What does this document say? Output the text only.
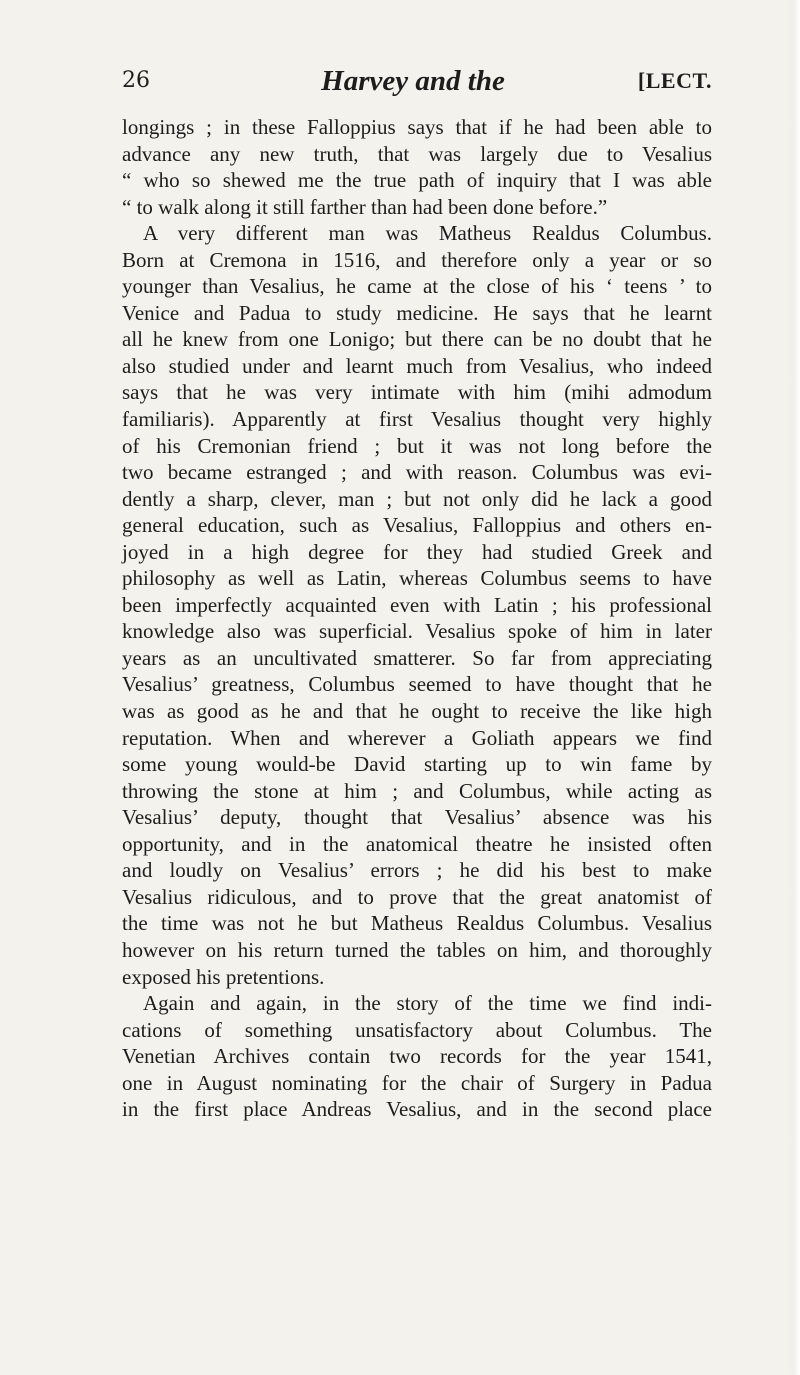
26	Harvey and the	[LECT.
longings ; in these Falloppius says that if he had been able to
advance any new truth, that was largely due to Vesalius
“ who so shewed me the true path of inquiry that I was able
“ to walk along it still farther than had been done before.”
A very different man was Matheus Realdus Columbus.
Born at Cremona in 1516, and therefore only a year or so
younger than Vesalius, he came at the close of his ‘ teens ’ to
Venice and Padua to study medicine. He says that he learnt
all he knew from one Lonigo; but there can be no doubt that he
also studied under and learnt much from Vesalius, who indeed
says that he was very intimate with him (mihi admodum
familiaris). Apparently at first Vesalius thought very highly
of his Cremonian friend ; but it was not long before the
two became estranged ; and with reason. Columbus was evi-
dently a sharp, clever, man ; but not only did he lack a good
general education, such as Vesalius, Falloppius and others en-
joyed in a high degree for they had studied Greek and
philosophy as well as Latin, whereas Columbus seems to have
been imperfectly acquainted even with Latin ; his professional
knowledge also was superficial. Vesalius spoke of him in later
years as an uncultivated smatterer. So far from appreciating
Vesalius’ greatness, Columbus seemed to have thought that he
was as good as he and that he ought to receive the like high
reputation. When and wherever a Goliath appears we find
some young would-be David starting up to win fame by
throwing the stone at him ; and Columbus, while acting as
Vesalius’ deputy, thought that Vesalius’ absence was his
opportunity, and in the anatomical theatre he insisted often
and loudly on Vesalius’ errors ; he did his best to make
Vesalius ridiculous, and to prove that the great anatomist of
the time was not he but Matheus Realdus Columbus. Vesalius
however on his return turned the tables on him, and thoroughly
exposed his pretentions.
Again and again, in the story of the time we find indi-
cations of something unsatisfactory about Columbus. The
Venetian Archives contain two records for the year 1541,
one in August nominating for the chair of Surgery in Padua
in the first place Andreas Vesalius, and in the second place
